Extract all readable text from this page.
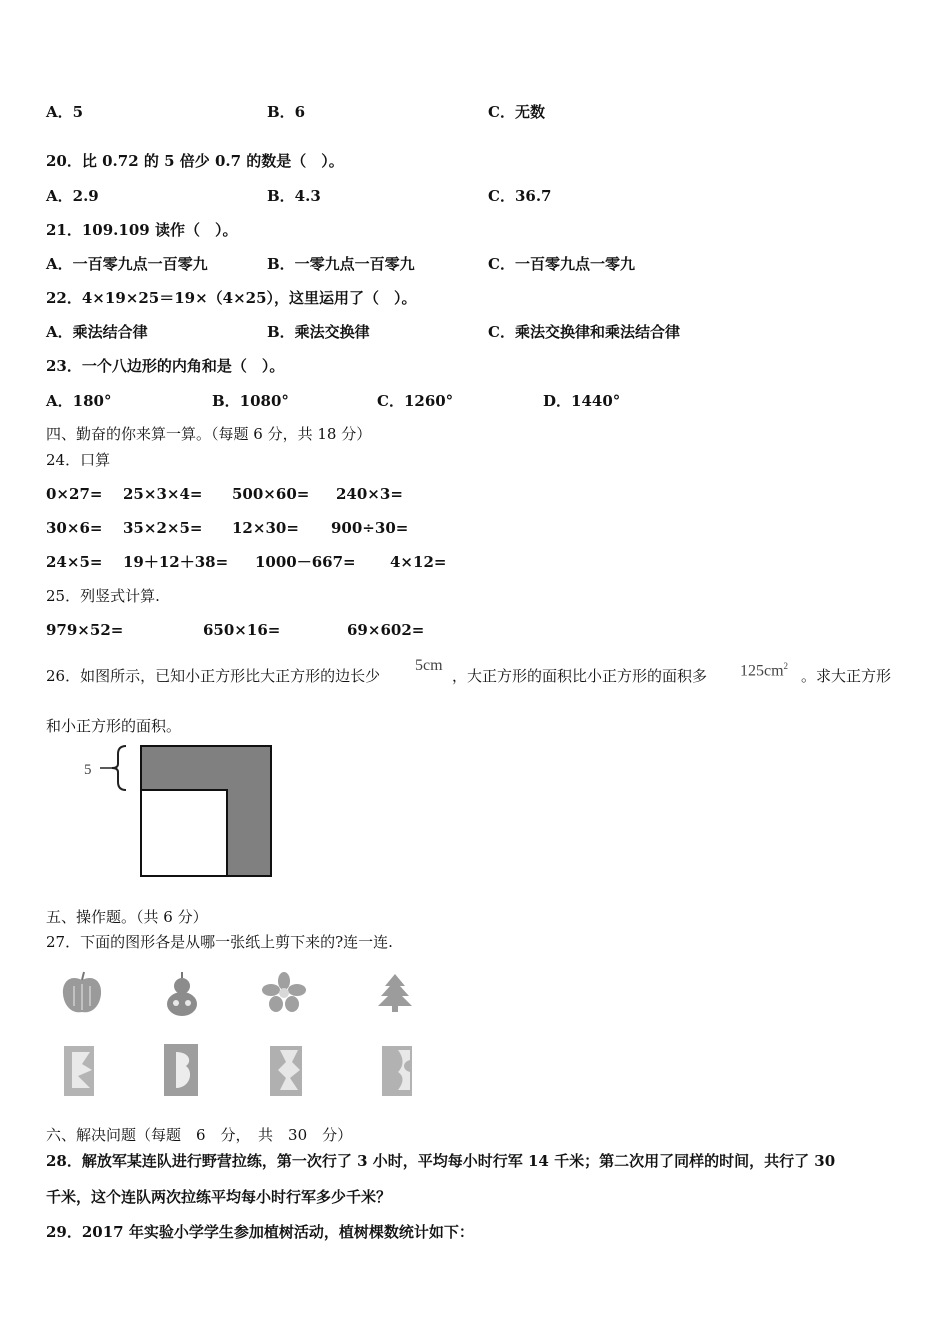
A．5	B．6	C．无数
20．比 0.72 的 5 倍少 0.7 的数是（　）。
A．2.9	B．4.3	C．36.7
21．109.109 读作（　）。
A．一百零九点一百零九	B．一零九点一百零九	C．一百零九点一零九
22．4×19×25＝19×（4×25），这里运用了（　）。
A．乘法结合律	B．乘法交换律	C．乘法交换律和乘法结合律
23．一个八边形的内角和是（　）。
A．180°	B．1080°	C．1260°	D．1440°
四、勤奋的你来算一算。（每题 6 分，共 18 分）
24．口算
0×27= 25×3×4= 500×60= 240×3=
30×6= 35×2×5= 12×30= 900÷30=
24×5= 19＋12＋38= 1000－667= 4×12=
25．列竖式计算.
979×52=	650×16=	69×602=
26．如图所示，已知小正方形比大正方形的边长少
5cm
，大正方形的面积比小正方形的面积多 $125cm^2$
。求大正方形
和小正方形的面积。
5
五、操作题。（共 6 分）
27．下面的图形各是从哪一张纸上剪下来的?连一连.
六、解决问题（每题　6　分，　共　30　分）
28．解放军某连队进行野营拉练，第一次行了 3 小时，平均每小时行军 14 千米；第二次用了同样的时间，共行了 30
千米，这个连队两次拉练平均每小时行军多少千米？
29．2017 年实验小学学生参加植树活动，植树棵数统计如下：
